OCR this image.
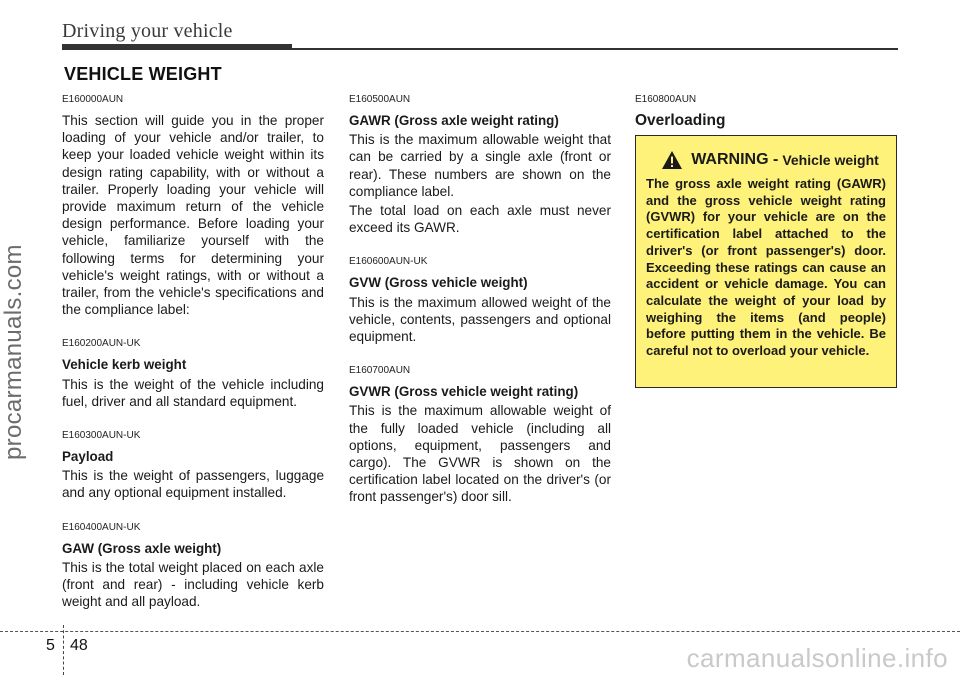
Driving your vehicle
VEHICLE WEIGHT
procarmanuals.com
E160000AUN
This section will guide you in the proper loading of your vehicle and/or trailer, to keep your loaded vehicle weight within its design rating capability, with or without a trailer. Properly loading your vehicle will provide maximum return of the vehicle design performance. Before loading your vehicle, familiarize yourself with the following terms for determining your vehicle's weight ratings, with or without a trailer, from the vehicle's specifications and the compliance label:
E160200AUN-UK
Vehicle kerb weight
This is the weight of the vehicle including fuel, driver and all standard equipment.
E160300AUN-UK
Payload
This is the weight of passengers, luggage and any optional equipment installed.
E160400AUN-UK
GAW (Gross axle weight)
This is the total weight placed on each axle (front and rear) - including vehicle kerb weight and all payload.
E160500AUN
GAWR (Gross axle weight rating)
This is the maximum allowable weight that can be carried by a single axle (front or rear). These numbers are shown on the compliance label.
The total load on each axle must never exceed its GAWR.
E160600AUN-UK
GVW (Gross vehicle weight)
This is the maximum allowed weight of the vehicle, contents, passengers and optional equipment.
E160700AUN
GVWR (Gross vehicle weight rating)
This is the maximum allowable weight of the fully loaded vehicle (including all options, equipment, passengers and cargo). The GVWR is shown on the certification label located on the driver's (or front passenger's) door sill.
E160800AUN
Overloading
WARNING - Vehicle weight
The gross axle weight rating (GAWR) and the gross vehicle weight rating (GVWR) for your vehicle are on the certification label attached to the driver's (or front passenger's) door. Exceeding these ratings can cause an accident or vehicle damage. You can calculate the weight of your load by weighing the items (and people) before putting them in the vehicle. Be careful not to overload your vehicle.
5 48	carmanualsonline.info
